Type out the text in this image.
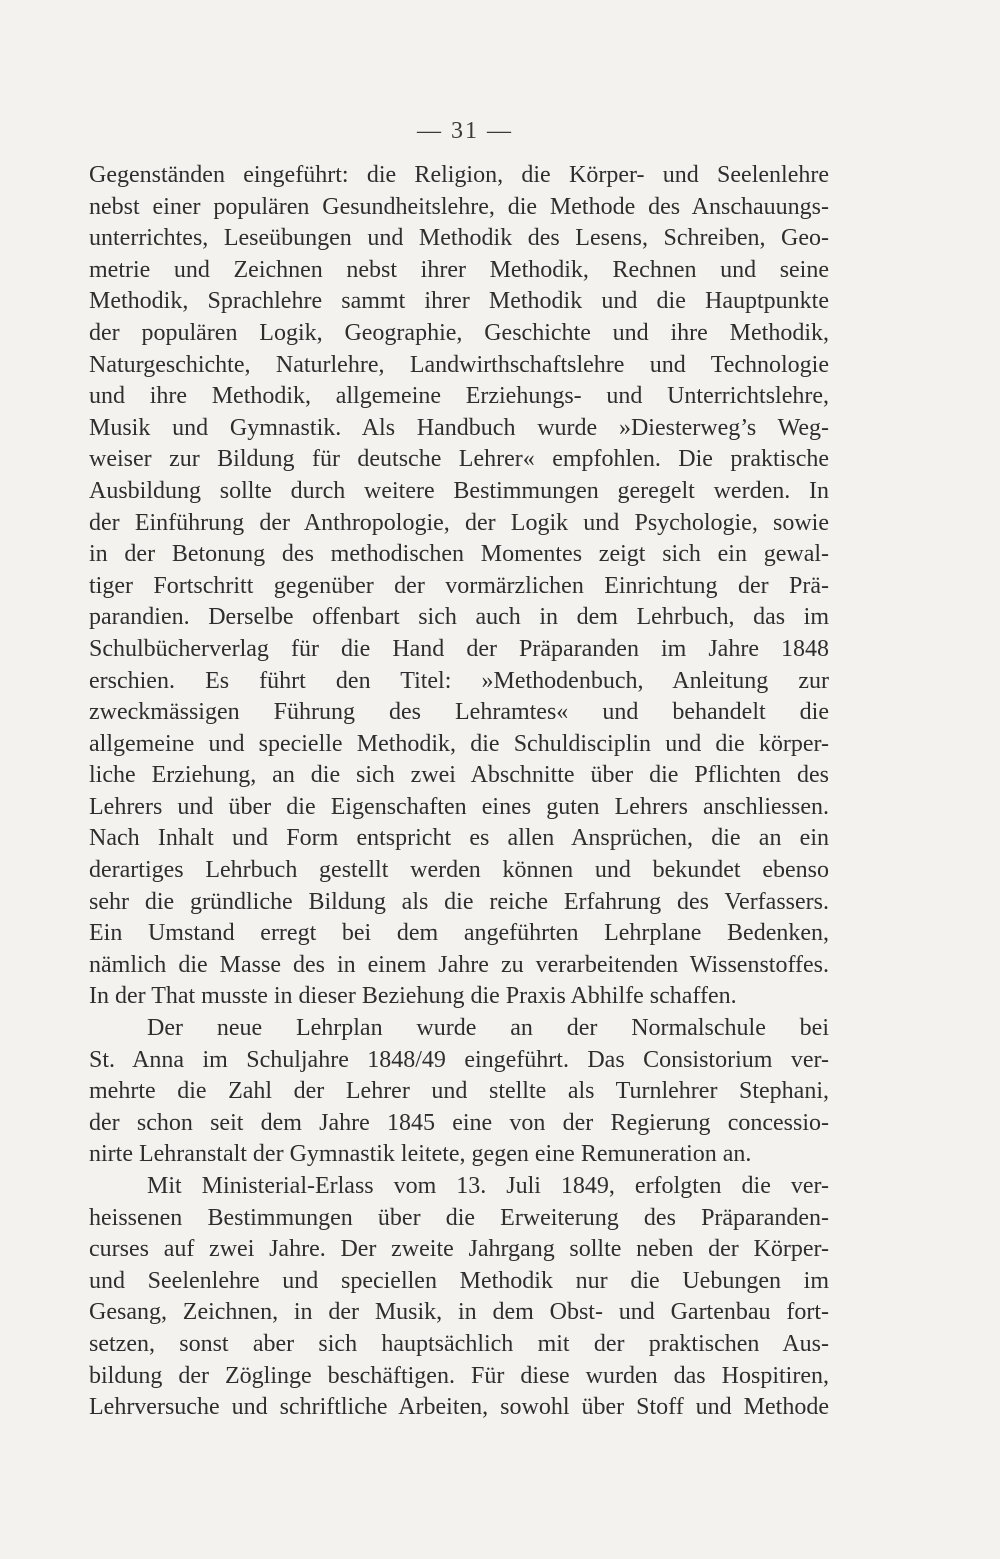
— 31 —
Gegenständen eingeführt: die Religion, die Körper- und Seelenlehre
nebst einer populären Gesundheitslehre, die Methode des Anschauungs-
unterrichtes, Leseübungen und Methodik des Lesens, Schreiben, Geo-
metrie und Zeichnen nebst ihrer Methodik, Rechnen und seine
Methodik, Sprachlehre sammt ihrer Methodik und die Hauptpunkte
der populären Logik, Geographie, Geschichte und ihre Methodik,
Naturgeschichte, Naturlehre, Landwirthschaftslehre und Technologie
und ihre Methodik, allgemeine Erziehungs- und Unterrichtslehre,
Musik und Gymnastik. Als Handbuch wurde »Diesterweg’s Weg-
weiser zur Bildung für deutsche Lehrer« empfohlen. Die praktische
Ausbildung sollte durch weitere Bestimmungen geregelt werden. In
der Einführung der Anthropologie, der Logik und Psychologie, sowie
in der Betonung des methodischen Momentes zeigt sich ein gewal-
tiger Fortschritt gegenüber der vormärzlichen Einrichtung der Prä-
parandien. Derselbe offenbart sich auch in dem Lehrbuch, das im
Schulbücherverlag für die Hand der Präparanden im Jahre 1848
erschien. Es führt den Titel: »Methodenbuch, Anleitung zur
zweckmässigen Führung des Lehramtes« und behandelt die
allgemeine und specielle Methodik, die Schuldisciplin und die körper-
liche Erziehung, an die sich zwei Abschnitte über die Pflichten des
Lehrers und über die Eigenschaften eines guten Lehrers anschliessen.
Nach Inhalt und Form entspricht es allen Ansprüchen, die an ein
derartiges Lehrbuch gestellt werden können und bekundet ebenso
sehr die gründliche Bildung als die reiche Erfahrung des Verfassers.
Ein Umstand erregt bei dem angeführten Lehrplane Bedenken,
nämlich die Masse des in einem Jahre zu verarbeitenden Wissenstoffes.
In der That musste in dieser Beziehung die Praxis Abhilfe schaffen.
Der neue Lehrplan wurde an der Normalschule bei
St. Anna im Schuljahre 1848/49 eingeführt. Das Consistorium ver-
mehrte die Zahl der Lehrer und stellte als Turnlehrer Stephani,
der schon seit dem Jahre 1845 eine von der Regierung concessio-
nirte Lehranstalt der Gymnastik leitete, gegen eine Remuneration an.
Mit Ministerial-Erlass vom 13. Juli 1849, erfolgten die ver-
heissenen Bestimmungen über die Erweiterung des Präparanden-
curses auf zwei Jahre. Der zweite Jahrgang sollte neben der Körper-
und Seelenlehre und speciellen Methodik nur die Uebungen im
Gesang, Zeichnen, in der Musik, in dem Obst- und Gartenbau fort-
setzen, sonst aber sich hauptsächlich mit der praktischen Aus-
bildung der Zöglinge beschäftigen. Für diese wurden das Hospitiren,
Lehrversuche und schriftliche Arbeiten, sowohl über Stoff und Methode
